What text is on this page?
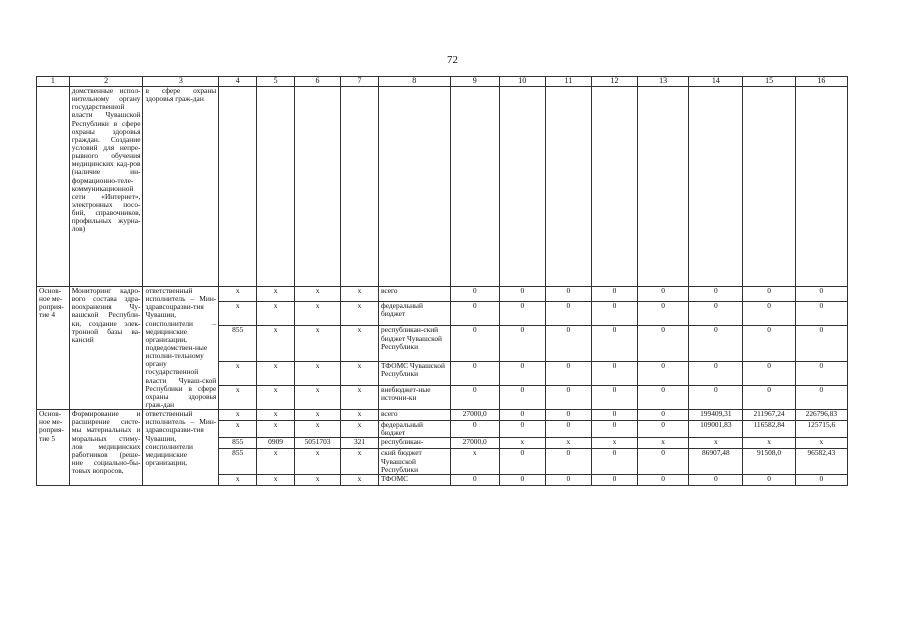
72
1	2	3	4	5	6	7	8	9	10	11	12	13	14	15	16
	домственные испол-нительному органу государственной власти Чувашской Республики в сфере охраны здоровья граждан. Создание условий для непре-рывного обучения медицинских кад-ров (наличие ин-формационно-теле-коммуникационной сети «Интернет», электронных посо-бий, справочников, профильных журна-лов)	в сфере охраны здоровья граж-дан													
Основ-ное ме-роприя-тие 4	Мониторинг кадро-вого состава здра-воохранения Чу-вашской Республи-ки, создание элек-тронной базы ва-кансий	ответственный исполнитель – Мин-здравсоцразви-тия Чувашии, соисполнители – медицинские организации, подведомствен-ные исполни-тельному органу государственной власти Чуваш-ской Республики в сфере охраны здоровья граж-дан	x	x	x	x	всего	0	0	0	0	0	0	0	0
			x	x	x	x	федеральный бюджет	0	0	0	0	0	0	0	0
			855	x	x	x	республикан-ский бюджет Чувашской Республики	0	0	0	0	0	0	0	0
			x	x	x	x	ТФОМС Чувашской Республики	0	0	0	0	0	0	0	0
			x	x	x	x	внебюджет-ные источни-ки	0	0	0	0	0	0	0	0
Основ-ное ме-роприя-тие 5	Формирование и расширение систе-мы материальных и моральных стиму-лов медицинских работников (реше-ние социально-бы-товых вопросов,	ответственный исполнитель – Мин-здравсоцразви-тия Чувашии, соисполнители медицинские организации,	x	x	x	x	всего	27000,0	0	0	0	0	199409,31	211967,24	226796,83
			x	x	x	x	федеральный бюджет	0	0	0	0	0	109001,83	116582,84	125715,6
			855	0909	5051703	321	республикан-	27000,0	x	x	x	x	x	x	x
			855	x	x	x	ский бюджет Чувашской Республики	x	0	0	0	0	86907,48	91508,0	96582,43
			x	x	x	x	ТФОМС	0	0	0	0	0	0	0	0
